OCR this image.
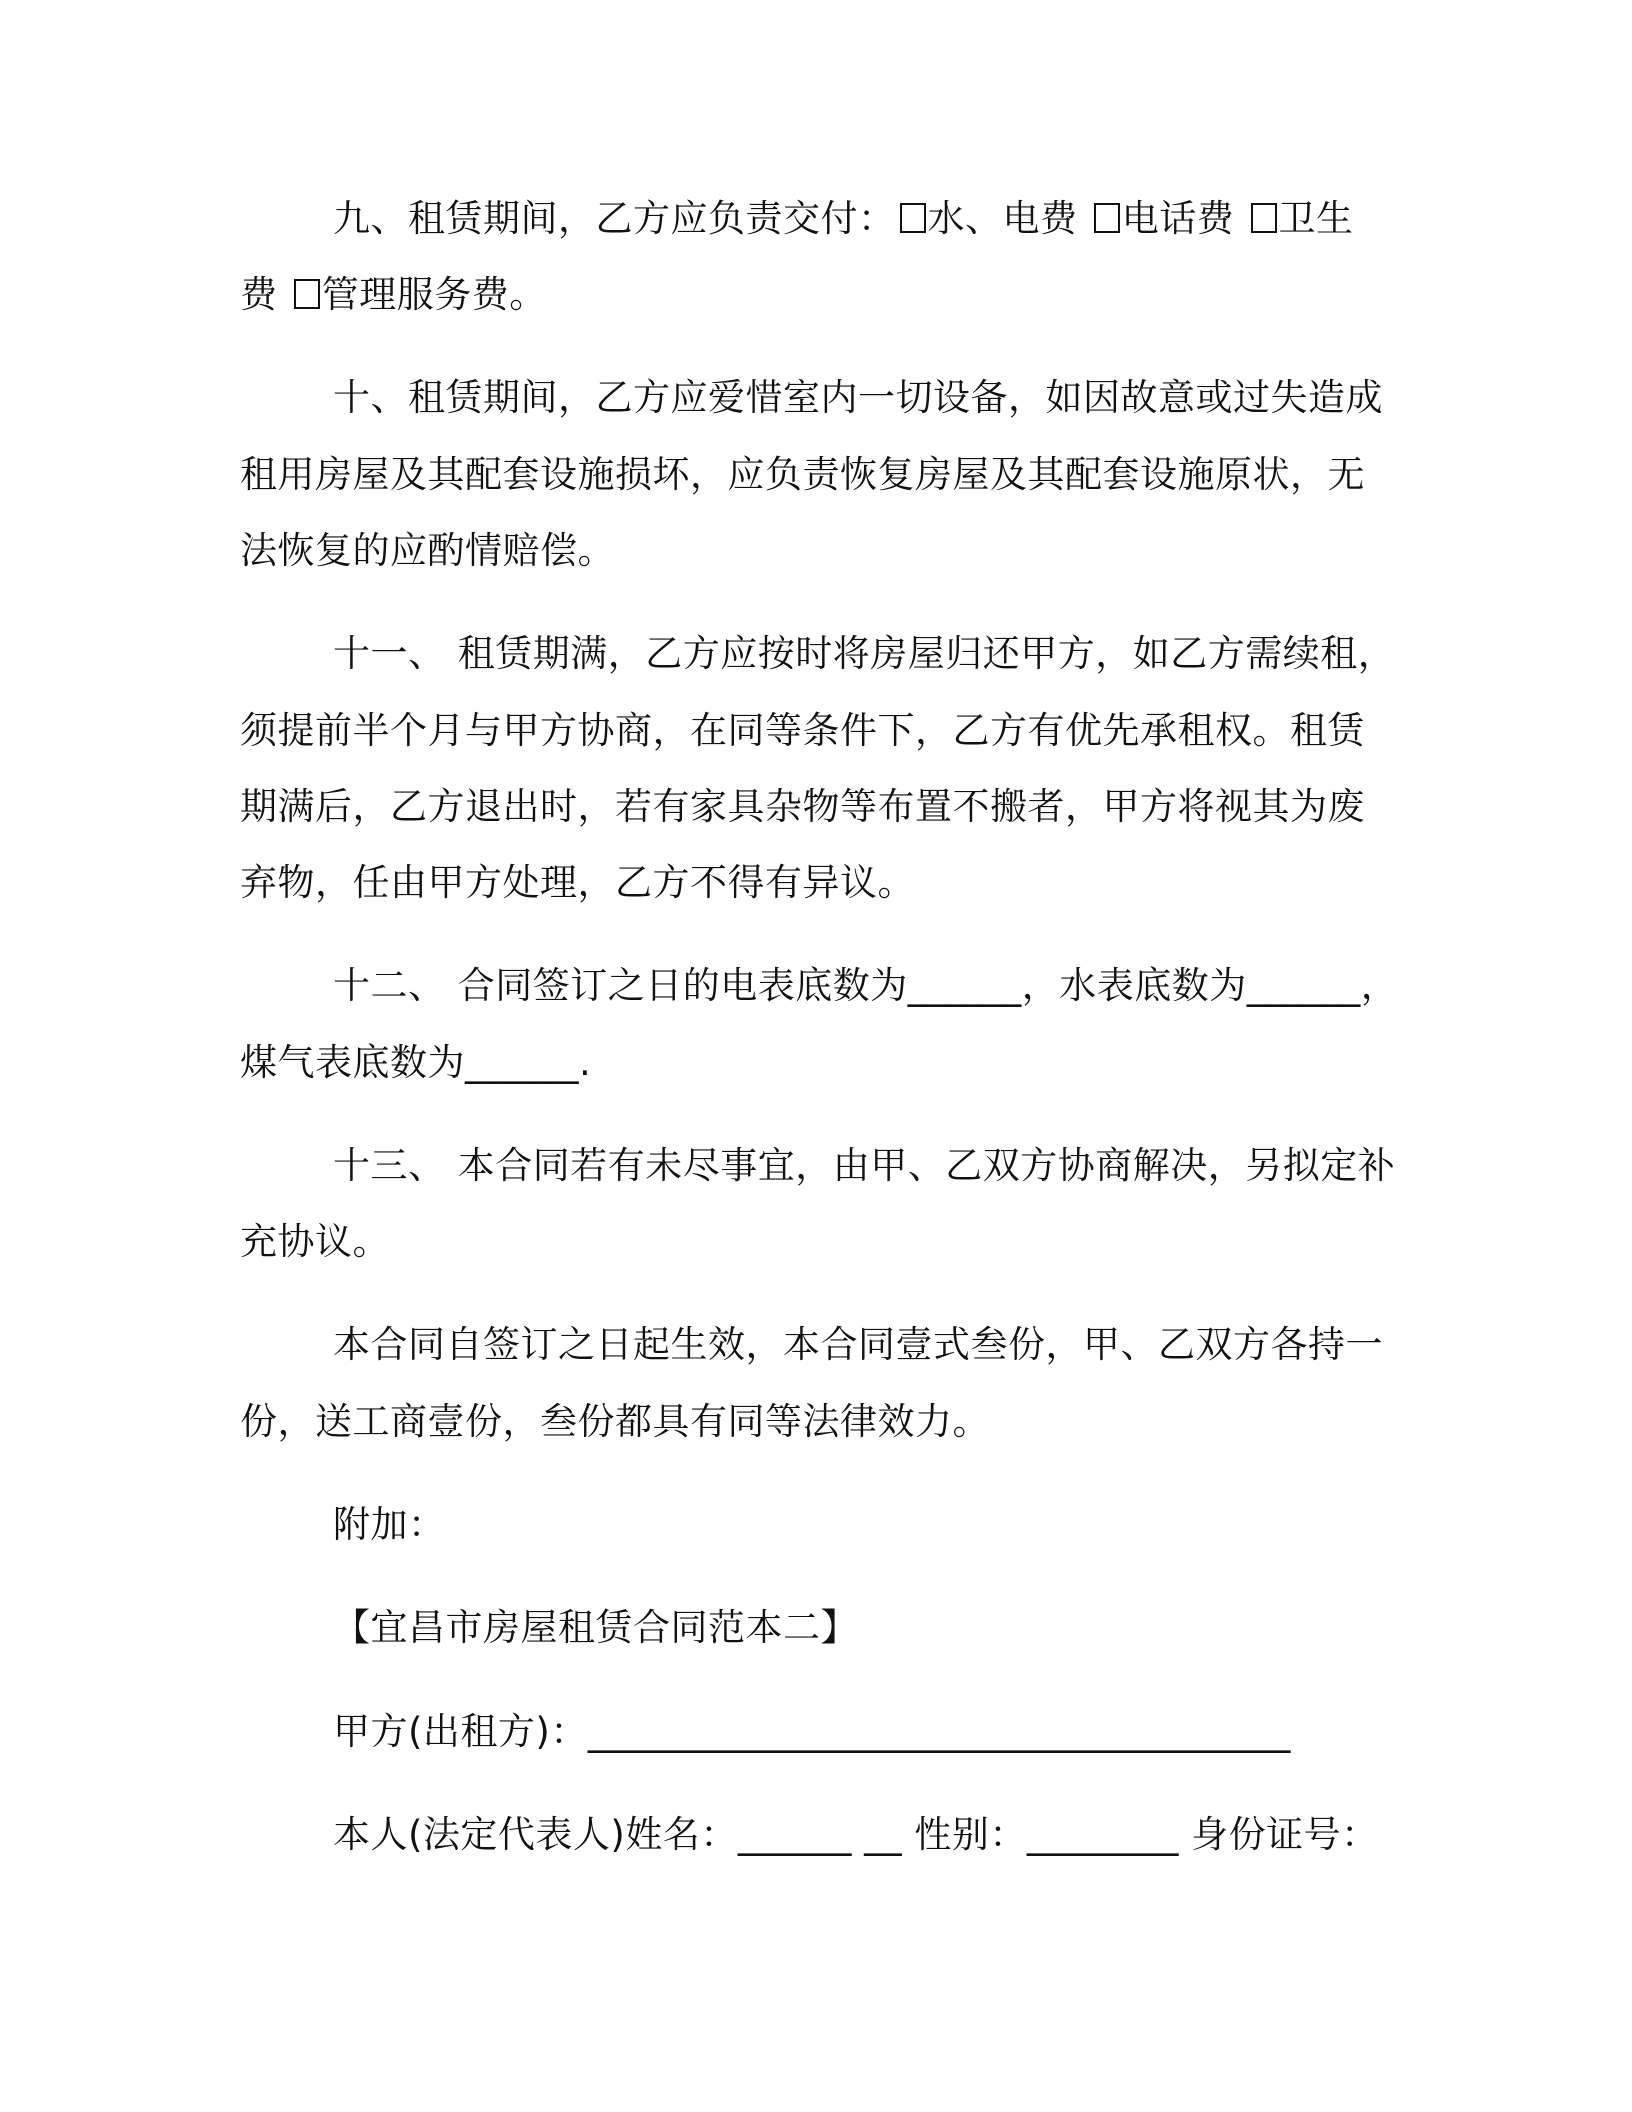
九、租赁期间，乙方应负责交付： 水、电费 电话费 卫生
费 管理服务费。
十、租赁期间，乙方应爱惜室内一切设备，如因故意或过失造成
租用房屋及其配套设施损坏，应负责恢复房屋及其配套设施原状，无
法恢复的应酌情赔偿。
十一、 租赁期满，乙方应按时将房屋归还甲方，如乙方需续租，
须提前半个月与甲方协商，在同等条件下，乙方有优先承租权。租赁
期满后，乙方退出时，若有家具杂物等布置不搬者，甲方将视其为废
弃物，任由甲方处理，乙方不得有异议。
十二、 合同签订之日的电表底数为______，水表底数为______，
煤气表底数为______.
十三、 本合同若有未尽事宜，由甲、乙双方协商解决，另拟定补
充协议。
本合同自签订之日起生效，本合同壹式叁份，甲、乙双方各持一
份，送工商壹份，叁份都具有同等法律效力。
附加：
【宜昌市房屋租赁合同范本二】
甲方(出租方)：_____________________________________
本人(法定代表人)姓名：______ __ 性别：________ 身份证号：
